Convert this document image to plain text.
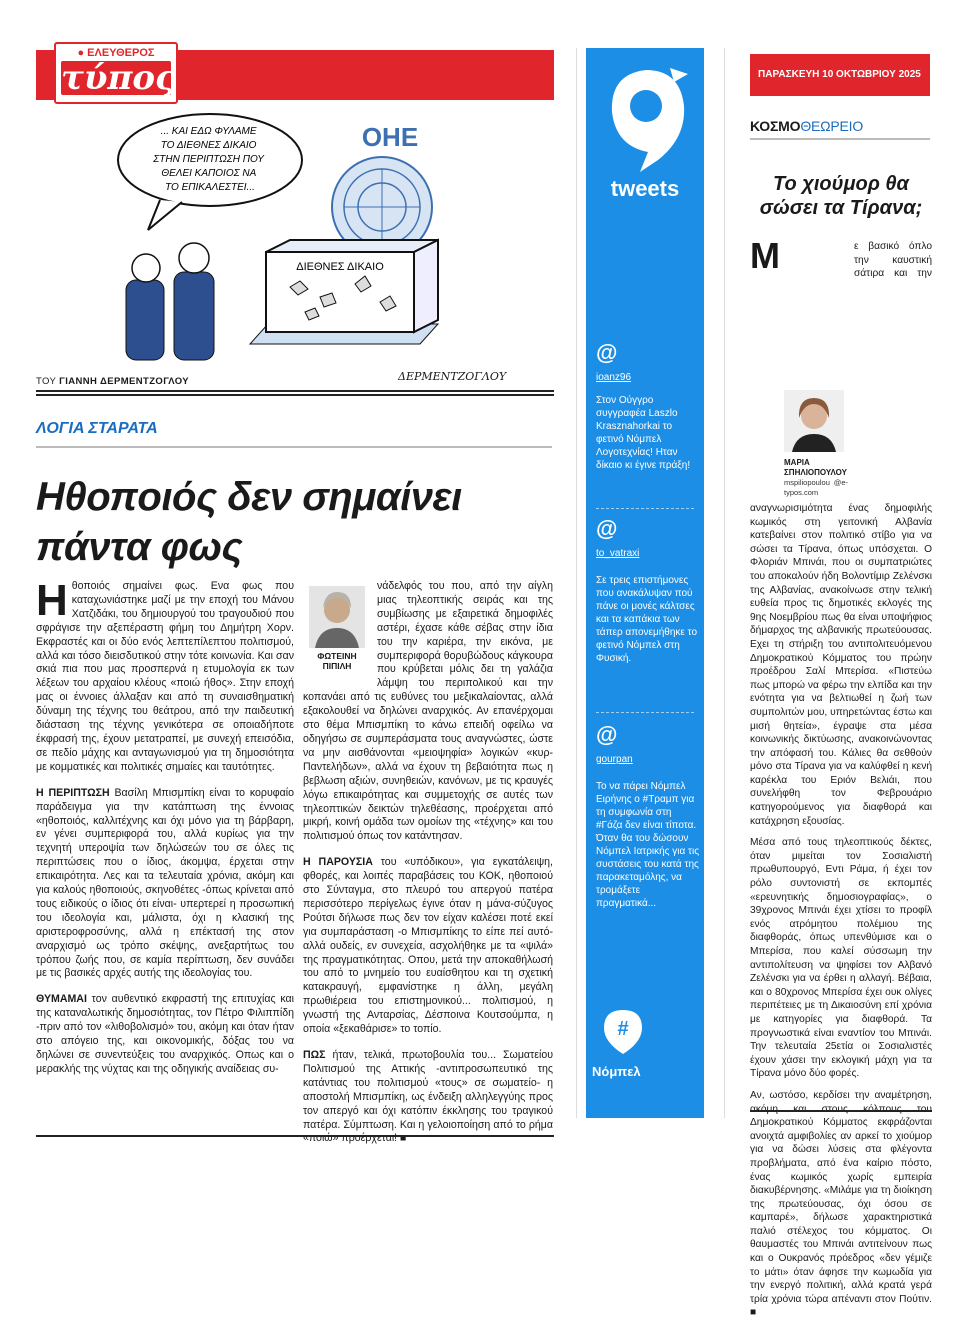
● ΕΛΕΥΘΕΡΟΣ
τύπος
... ΚΑΙ ΕΔΩ ΦΥΛΑΜΕ ΤΟ ΔΙΕΘΝΕΣ ΔΙΚΑΙΟ ΣΤΗΝ ΠΕΡΙΠΤΩΣΗ ΠΟΥ ΘΕΛΕΙ ΚΑΠΟΙΟΣ ΝΑ ΤΟ ΕΠΙΚΑΛΕΣΤΕΙ...
ΟΗΕ
ΔΙΕΘΝΕΣ ΔΙΚΑΙΟ
ΤΟΥ ΓΙΑΝΝΗ ΔΕΡΜΕΝΤΖΟΓΛΟΥ	ΔΕΡΜΕΝΤΖΟΓΛΟΥ
ΛΟΓΙΑ ΣΤΑΡΑΤΑ
Ηθοποιός δεν σημαίνει πάντα φως

Ηθοποιός σημαίνει φως. Ενα φως που καταχωνιάστηκε μαζί με την εποχή του Μάνου Χατζιδάκι, του δημιουργού του τραγουδιού που σφράγισε την αξεπέραστη φήμη του Δημήτρη Χορν. Εκφραστές και οι δύο ενός λεπτεπίλεπτου πολιτισμού, αλλά και τόσο διεισδυτικού στην τότε κοινωνία. Και σαν σκιά πια που μας προσπερνά η ετυμολογία εκ των λέξεων του αρχαίου κλέους «ποιώ ήθος». Στην εποχή μας οι έννοιες άλλαξαν και από τη συναισθηματική δύναμη της τέχνης του θεάτρου, από την παιδευτική διάσταση της τέχνης γενικότερα σε οποιαδήποτε έκφρασή της, έχουν μετατραπεί, με συνεχή επεισόδια, σε πεδίο μάχης και ανταγωνισμού για τη δημοσιότητα με κομματικές και πολιτικές σημαίες και ταυτότητες.

Η ΠΕΡΙΠΤΩΣΗ Βασίλη Μπισμπίκη είναι το κορυφαίο παράδειγμα για την κατάπτωση της έννοιας «ηθοποιός, καλλιτέχνης και όχι μόνο για τη βάρβαρη, εν γένει συμπεριφορά του, αλλά κυρίως για την τεχνητή υπεροψία των δηλώσεών του σε όλες τις περιπτώσεις που ο ίδιος, άκομψα, έρχεται στην επικαιρότητα. Λες και τα τελευταία χρόνια, ακόμη και για καλούς ηθοποιούς, σκηνοθέτες -όπως κρίνεται από τους ειδικούς ο ίδιος ότι είναι- υπερτερεί η προσωπική του ιδεολογία και, μάλιστα, όχι η κλασική της αριστεροφροσύνης, αλλά η επέκτασή της στον αναρχισμό ως τρόπο σκέψης, ανεξαρτήτως του τρόπου ζωής που, σε καμία περίπτωση, δεν συνάδει με τις βασικές αρχές αυτής της ιδεολογίας του.

ΘΥΜΑΜΑΙ τον αυθεντικό εκφραστή της επιτυχίας και της καταναλωτικής δημοσιότητας, τον Πέτρο Φιλιππίδη -πριν από τον «λιθοβολισμό» του, ακόμη και όταν ήταν στο απόγειο της, και οικονομικής, δόξας του να δηλώνει σε συνεντεύξεις του αναρχικός. Οπως και ο μερακλής της νύχτας και της οδηγικής αναίδειας συ-

ΦΩΤΕΙΝΗ ΠΙΠΙΛΗ

νάδελφός του που, από την αίγλη μιας τηλεοπτικής σειράς και της συμβίωσης με εξαιρετικά δημοφιλές αστέρι, έχασε κάθε σέβας στην ίδια του την καριέρα, την εικόνα, με συμπεριφορά θορυβώδους κάγκουρα που κρύβεται μόλις δει τη γαλάζια λάμψη του περιπολικού και την κοπανάει από τις ευθύνες του μεξικαλαίοντας, αλλά εξακολουθεί να δηλώνει αναρχικός. Αν επανέρχομαι στο θέμα Μπισμπίκη το κάνω επειδή οφείλω να οδηγήσω σε συμπεράσματα τους αναγνώστες, ώστε να μην αισθάνονται «μειοψηφία» λογικών «κυρ-Παντελήδων», αλλά να έχουν τη βεβαιότητα πως η βεβλωση αξιών, συνηθειών, κανόνων, με τις κραυγές λόγω επικαιρότητας και συμμετοχής σε αυτές των τηλεοπτικών δεικτών τηλεθέασης, προέρχεται από μικρή, κοινή ομάδα των ομοίων της «τέχνης» και του πολιτισμού όπως τον κατάντησαν.

Η ΠΑΡΟΥΣΙΑ του «υπόδικου», για εγκατάλειψη, φθορές, και λοιπές παραβάσεις του ΚΟΚ, ηθοποιού στο Σύνταγμα, στο πλευρό του απεργού πατέρα περισσότερο περίγελως έγινε όταν η μάνα-σύζυγος Ρούτσι δήλωσε πως δεν τον είχαν καλέσει ποτέ εκεί για συμπαράσταση -ο Μπισμπίκης το είπε πεί αυτό- αλλά ουδείς, εν συνεχεία, ασχολήθηκε με τα «ψιλά» της πραγματικότητας. Οπου, μετά την αποκαθήλωσή του από το μνημείο του ευαίσθητου και τη σχετική κατακραυγή, εμφανίστηκε η άλλη, μεγάλη πρωθιέρεια του επιστημονικού... πολιτισμού, η γνωστή της Ανταρσίας, Δέσποινα Κουτσούμπα, η οποία «ξεκαθάρισε» το τοπίο.

ΠΩΣ ήταν, τελικά, πρωτοβουλία του... Σωματείου Πολιτισμού της Αττικής -αντιπροσωπευτικό της κατάντιας του πολιτισμού «τους» σε σωματείο- η αποστολή Μπισμπίκη, ως ένδειξη αλληλεγγύης προς τον απεργό και όχι κατόπιν έκκλησης του τραγικού πατέρα. Σύμπτωση. Και η γελοιοποίηση από το ρήμα «ποιώ» προέρχεται! ■

tweets
@
ioanz96
Στον Ούγγρο συγγραφέα Laszlo Krasznahorkai το φετινό Νόμπελ Λογοτεχνίας! Ηταν δίκαιο κι έγινε πράξη!
@
to_vatraxi
Σε τρεις επιστήμονες που ανακάλυψαν πού πάνε οι μονές κάλτσες και τα καπάκια των τάπερ απονεμήθηκε το φετινό Νόμπελ στη Φυσική.
@
gourpan
Το να πάρει Νόμπελ Ειρήνης ο #Τραμπ για τη συμφωνία στη #Γάζα δεν είναι τίποτα. Όταν θα του δώσουν Νόμπελ Ιατρικής για τις συστάσεις του κατά της παρακεταμόλης, να τρομάξετε πραγματικά...
#
Νόμπελ
ΠΑΡΑΣΚΕΥΗ 10 ΟΚΤΩΒΡΙΟΥ 2025
ΚΟΣΜΟΘΕΩΡΕΙΟ
Το χιούμορ θα σώσει τα Τίρανα;

Μ
ΜΑΡΙΑ ΣΠΗΛΙΟΠΟΥΛΟΥ
mspiliopoulou @e-typos.com
ε βασικό όπλο την καυστική σάτιρα και την αναγνωρισιμότητα ένας δημοφιλής κωμικός στη γειτονική Αλβανία κατεβαίνει στον πολιτικό στίβο για να σώσει τα Τίρανα, όπως υπόσχεται. Ο Φλοριάν Μπινάι, που οι συμπατριώτες του αποκαλούν ήδη Βολοντίμιρ Ζελένσκι της Αλβανίας, ανακοίνωσε στην τελική ευθεία προς τις δημοτικές εκλογές της 9ης Νοεμβρίου πως θα είναι υποψήφιος δήμαρχος της αλβανικής πρωτεύουσας. Εχει τη στήριξη του αντιπολιτευόμενου Δημοκρατικού Κόμματος του πρώην προέδρου Σαλί Μπερίσα. «Πιστεύω πως μπορώ να φέρω την ελπίδα και την ενότητα για να βελτιωθεί η ζωή των συμπολιτών μου, υπηρετώντας έστω και μισή θητεία», έγραψε στα μέσα κοινωνικής δικτύωσης, ανακοινώνοντας την απόφασή του. Κάλιες θα σεθθούν μόνο στα Τίρανα για να καλύφθεί η κενή καρέκλα του Εριόν Βελιάι, που συνελήφθη τον Φεβρουάριο κατηγορούμενος για διαφθορά και κατάχρηση εξουσίας.

Μέσα από τους τηλεοπτικούς δέκτες, όταν μιμείται τον Σοσιαλιστή πρωθυπουργό, Εντι Ράμα, ή έχει τον ρόλο συντονιστή σε εκπομπές «ερευνητικής δημοσιογραφίας», ο 39χρονος Μπινάι έχει χτίσει το προφίλ ενός ατρόμητου πολέμιου της διαφθοράς, όπως υπενθύμισε και ο Μπερίσα, που καλεί σύσσωμη την αντιπολίτευση να ψηφίσει τον Αλβανό Ζελένσκι για να έρθει η αλλαγή. Βέβαια, και ο 80χρονος Μπερίσα έχει ουκ ολίγες περιπέτειες με τη Δικαιοσύνη επί χρόνια με κατηγορίες για διαφθορά. Τα προγνωστικά είναι εναντίον του Μπινάι. Την τελευταία 25ετία οι Σοσιαλιστές έχουν χάσει την εκλογική μάχη για τα Τίρανα μόνο δύο φορές.

Αν, ωστόσο, κερδίσει την αναμέτρηση, ακόμη και στους κόλπους του Δημοκρατικού Κόμματος εκφράζονται ανοιχτά αμφιβολίες αν αρκεί το χιούμορ για να δώσει λύσεις στα φλέγοντα προβλήματα, από ένα καίριο πόστο, ένας κωμικός χωρίς εμπειρία διακυβέρνησης. «Μιλάμε για τη διοίκηση της πρωτεύουσας, όχι όσου σε καμπαρέ», δήλωσε χαρακτηριστικά παλιό στέλεχος του κόμματος. Οι θαυμαστές του Μπινάι αντιτείνουν πως και ο Ουκρανός πρόεδρος «δεν γέμιζε το μάτι» όταν άφησε την κωμωδία για την ενεργό πολιτική, αλλά κρατά γερά τρία χρόνια τώρα απέναντι στον Πούτιν. ■
